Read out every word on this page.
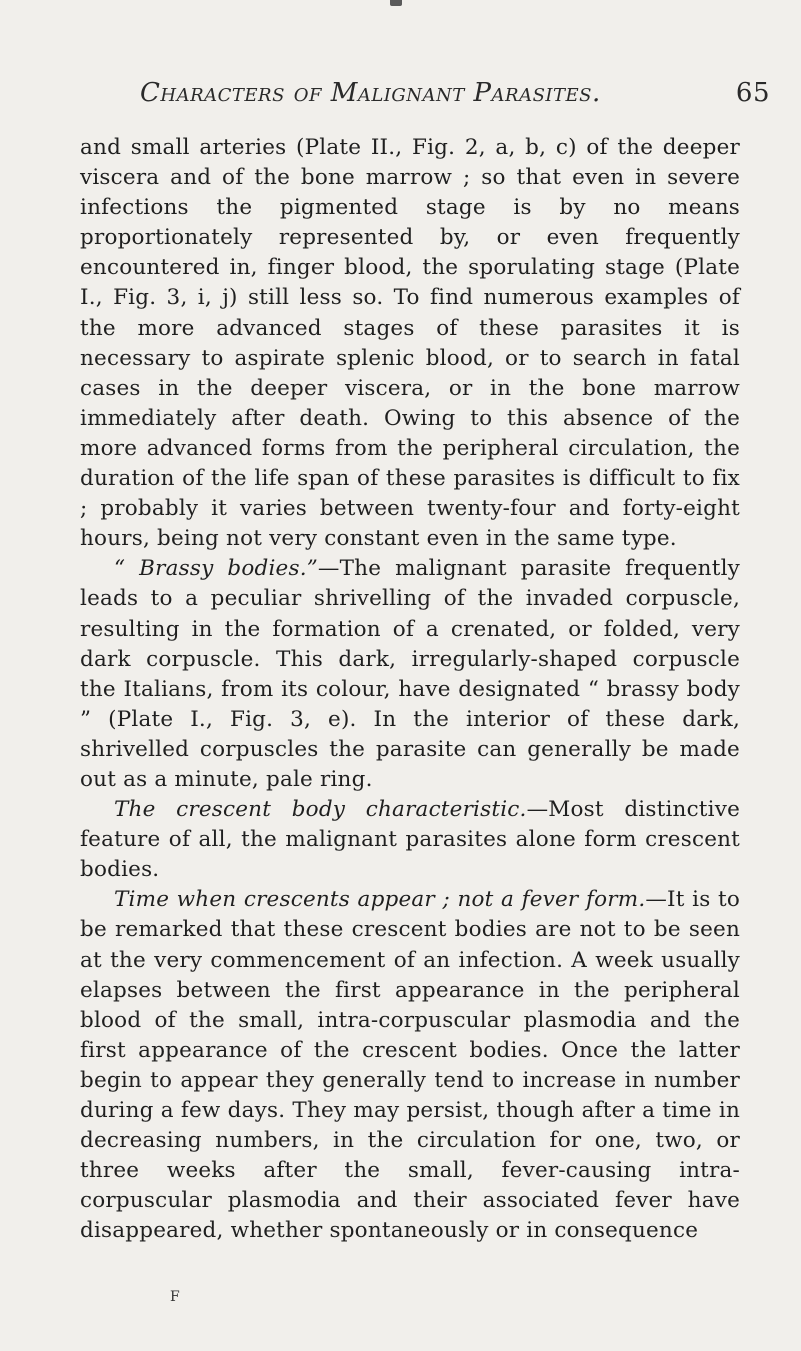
Characters of Malignant Parasites.	65

and small arteries (Plate II., Fig. 2, a, b, c) of the deeper viscera and of the bone marrow ; so that even in severe infections the pigmented stage is by no means proportionately represented by, or even frequently encountered in, finger blood, the sporulating stage (Plate I., Fig. 3, i, j) still less so. To find numerous examples of the more advanced stages of these parasites it is necessary to aspirate splenic blood, or to search in fatal cases in the deeper viscera, or in the bone marrow immediately after death. Owing to this absence of the more advanced forms from the peripheral circulation, the duration of the life span of these parasites is difficult to fix ; probably it varies between twenty-four and forty-eight hours, being not very constant even in the same type.

“ Brassy bodies.”—The malignant parasite frequently leads to a peculiar shrivelling of the invaded corpuscle, resulting in the formation of a crenated, or folded, very dark corpuscle. This dark, irregularly-shaped corpuscle the Italians, from its colour, have designated “ brassy body ” (Plate I., Fig. 3, e). In the interior of these dark, shrivelled corpuscles the parasite can generally be made out as a minute, pale ring.

The crescent body characteristic.—Most distinctive feature of all, the malignant parasites alone form crescent bodies.

Time when crescents appear ; not a fever form.—It is to be remarked that these crescent bodies are not to be seen at the very commencement of an infection. A week usually elapses between the first appearance in the peripheral blood of the small, intra-corpuscular plasmodia and the first appearance of the crescent bodies. Once the latter begin to appear they generally tend to increase in number during a few days. They may persist, though after a time in decreasing numbers, in the circulation for one, two, or three weeks after the small, fever-causing intra-corpuscular plasmodia and their associated fever have disappeared, whether spontaneously or in consequence

F
